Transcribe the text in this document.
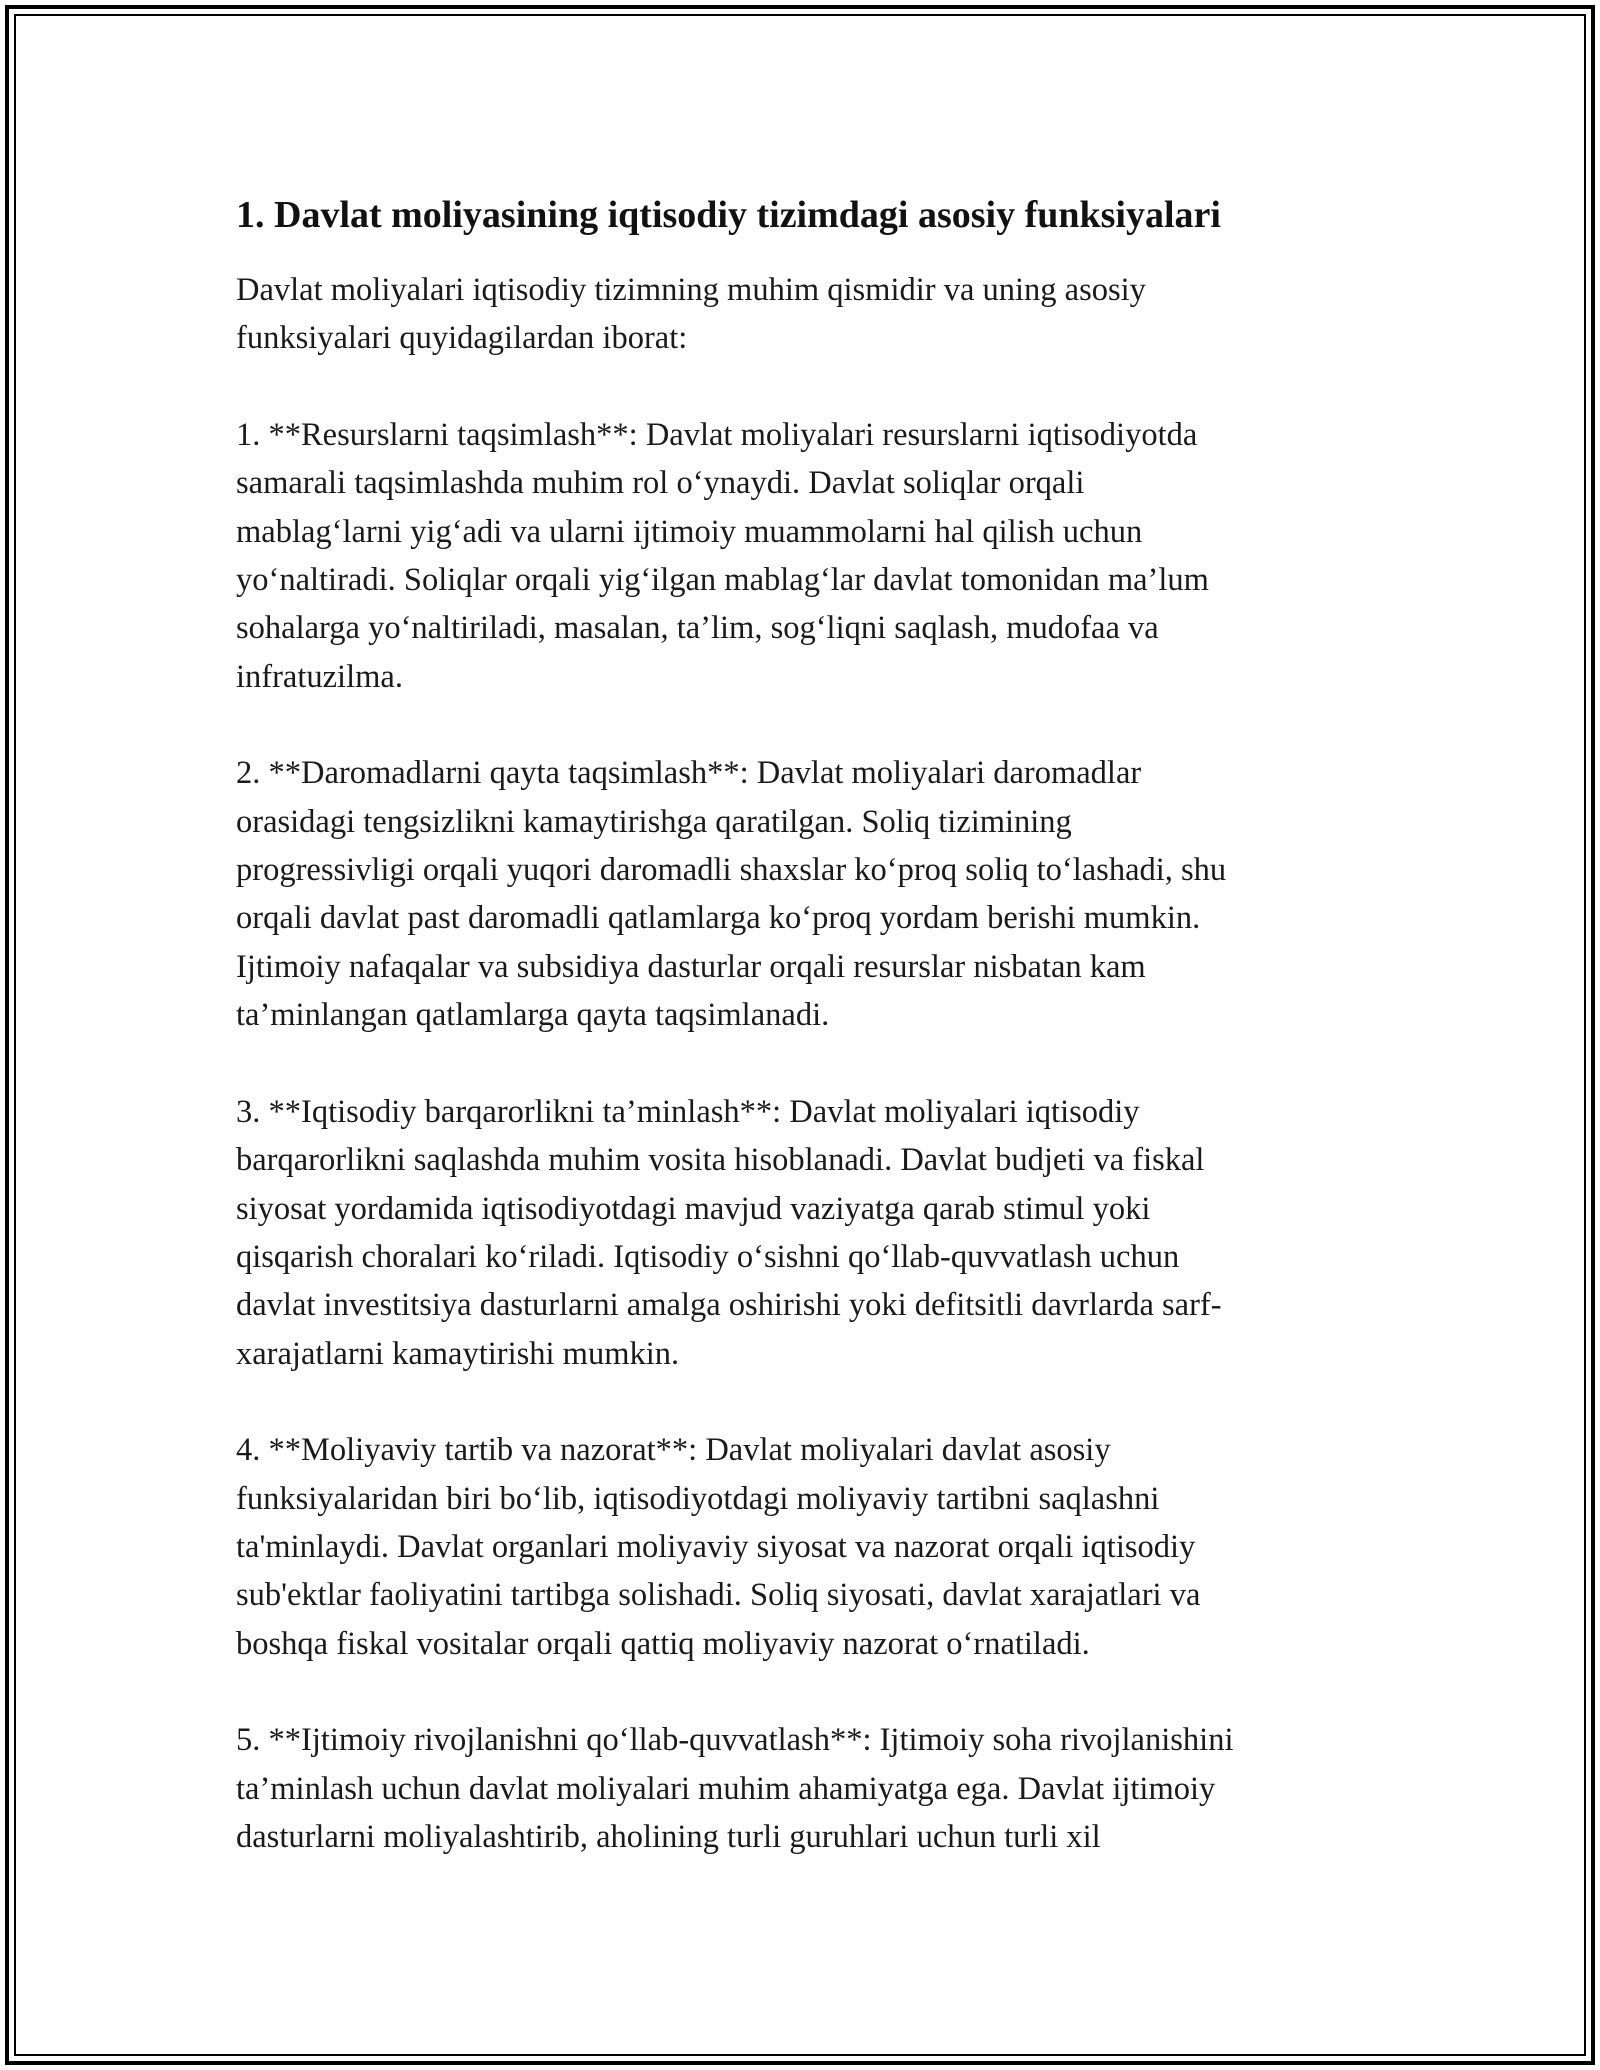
1. Davlat moliyasining iqtisodiy tizimdagi asosiy funksiyalari

Davlat moliyalari iqtisodiy tizimning muhim qismidir va uning asosiy
funksiyalari quyidagilardan iborat:

1. **Resurslarni taqsimlash**: Davlat moliyalari resurslarni iqtisodiyotda
samarali taqsimlashda muhim rol o‘ynaydi. Davlat soliqlar orqali
mablag‘larni yig‘adi va ularni ijtimoiy muammolarni hal qilish uchun
yo‘naltiradi. Soliqlar orqali yig‘ilgan mablag‘lar davlat tomonidan ma’lum
sohalarga yo‘naltiriladi, masalan, ta’lim, sog‘liqni saqlash, mudofaa va
infratuzilma.

2. **Daromadlarni qayta taqsimlash**: Davlat moliyalari daromadlar
orasidagi tengsizlikni kamaytirishga qaratilgan. Soliq tizimining
progressivligi orqali yuqori daromadli shaxslar ko‘proq soliq to‘lashadi, shu
orqali davlat past daromadli qatlamlarga ko‘proq yordam berishi mumkin.
Ijtimoiy nafaqalar va subsidiya dasturlar orqali resurslar nisbatan kam
ta’minlangan qatlamlarga qayta taqsimlanadi.

3. **Iqtisodiy barqarorlikni ta’minlash**: Davlat moliyalari iqtisodiy
barqarorlikni saqlashda muhim vosita hisoblanadi. Davlat budjeti va fiskal
siyosat yordamida iqtisodiyotdagi mavjud vaziyatga qarab stimul yoki
qisqarish choralari ko‘riladi. Iqtisodiy o‘sishni qo‘llab-quvvatlash uchun
davlat investitsiya dasturlarni amalga oshirishi yoki defitsitli davrlarda sarf-
xarajatlarni kamaytirishi mumkin.

4. **Moliyaviy tartib va nazorat**: Davlat moliyalari davlat asosiy
funksiyalaridan biri bo‘lib, iqtisodiyotdagi moliyaviy tartibni saqlashni
ta'minlaydi. Davlat organlari moliyaviy siyosat va nazorat orqali iqtisodiy
sub'ektlar faoliyatini tartibga solishadi. Soliq siyosati, davlat xarajatlari va
boshqa fiskal vositalar orqali qattiq moliyaviy nazorat o‘rnatiladi.

5. **Ijtimoiy rivojlanishni qo‘llab-quvvatlash**: Ijtimoiy soha rivojlanishini
ta’minlash uchun davlat moliyalari muhim ahamiyatga ega. Davlat ijtimoiy
dasturlarni moliyalashtirib, aholining turli guruhlari uchun turli xil
